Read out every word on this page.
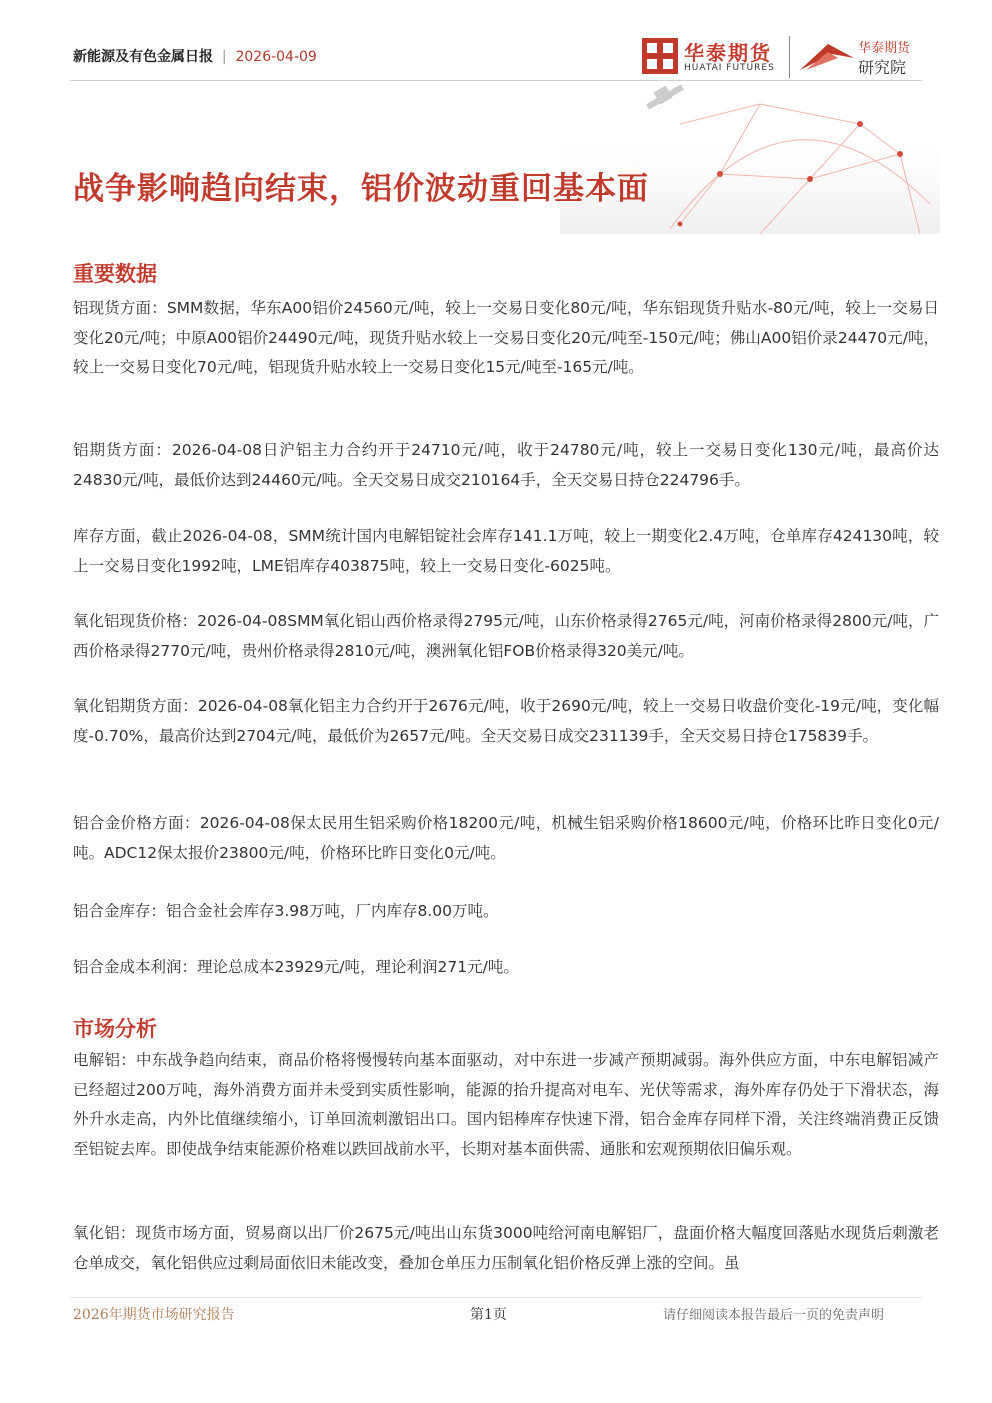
新能源及有色金属日报 | 2026-04-09	华泰期货
HUATAI FUTURES
华泰期货
研究院
战争影响趋向结束，铝价波动重回基本面
重要数据

铝现货方面：SMM数据，华东A00铝价24560元/吨，较上一交易日变化80元/吨，华东铝现货升贴水-80元/吨，较上一交易日变化20元/吨；中原A00铝价24490元/吨，现货升贴水较上一交易日变化20元/吨至-150元/吨；佛山A00铝价录24470元/吨，较上一交易日变化70元/吨，铝现货升贴水较上一交易日变化15元/吨至-165元/吨。

铝期货方面：2026-04-08日沪铝主力合约开于24710元/吨，收于24780元/吨，较上一交易日变化130元/吨，最高价达24830元/吨，最低价达到24460元/吨。全天交易日成交210164手，全天交易日持仓224796手。

库存方面，截止2026-04-08，SMM统计国内电解铝锭社会库存141.1万吨，较上一期变化2.4万吨，仓单库存424130吨，较上一交易日变化1992吨，LME铝库存403875吨，较上一交易日变化-6025吨。

氧化铝现货价格：2026-04-08SMM氧化铝山西价格录得2795元/吨，山东价格录得2765元/吨，河南价格录得2800元/吨，广西价格录得2770元/吨，贵州价格录得2810元/吨，澳洲氧化铝FOB价格录得320美元/吨。

氧化铝期货方面：2026-04-08氧化铝主力合约开于2676元/吨，收于2690元/吨，较上一交易日收盘价变化-19元/吨，变化幅度-0.70%，最高价达到2704元/吨，最低价为2657元/吨。全天交易日成交231139手，全天交易日持仓175839手。

铝合金价格方面：2026-04-08保太民用生铝采购价格18200元/吨，机械生铝采购价格18600元/吨，价格环比昨日变化0元/吨。ADC12保太报价23800元/吨，价格环比昨日变化0元/吨。

铝合金库存：铝合金社会库存3.98万吨，厂内库存8.00万吨。

铝合金成本利润：理论总成本23929元/吨，理论利润271元/吨。

市场分析

电解铝：中东战争趋向结束，商品价格将慢慢转向基本面驱动，对中东进一步减产预期减弱。海外供应方面，中东电解铝减产已经超过200万吨，海外消费方面并未受到实质性影响，能源的抬升提高对电车、光伏等需求，海外库存仍处于下滑状态，海外升水走高，内外比值继续缩小，订单回流刺激铝出口。国内铝棒库存快速下滑，铝合金库存同样下滑，关注终端消费正反馈至铝锭去库。即使战争结束能源价格难以跌回战前水平，长期对基本面供需、通胀和宏观预期依旧偏乐观。

氧化铝：现货市场方面，贸易商以出厂价2675元/吨出山东货3000吨给河南电解铝厂，盘面价格大幅度回落贴水现货后刺激老仓单成交，氧化铝供应过剩局面依旧未能改变，叠加仓单压力压制氧化铝价格反弹上涨的空间。虽

2026年期货市场研究报告	第1页	请仔细阅读本报告最后一页的免责声明
